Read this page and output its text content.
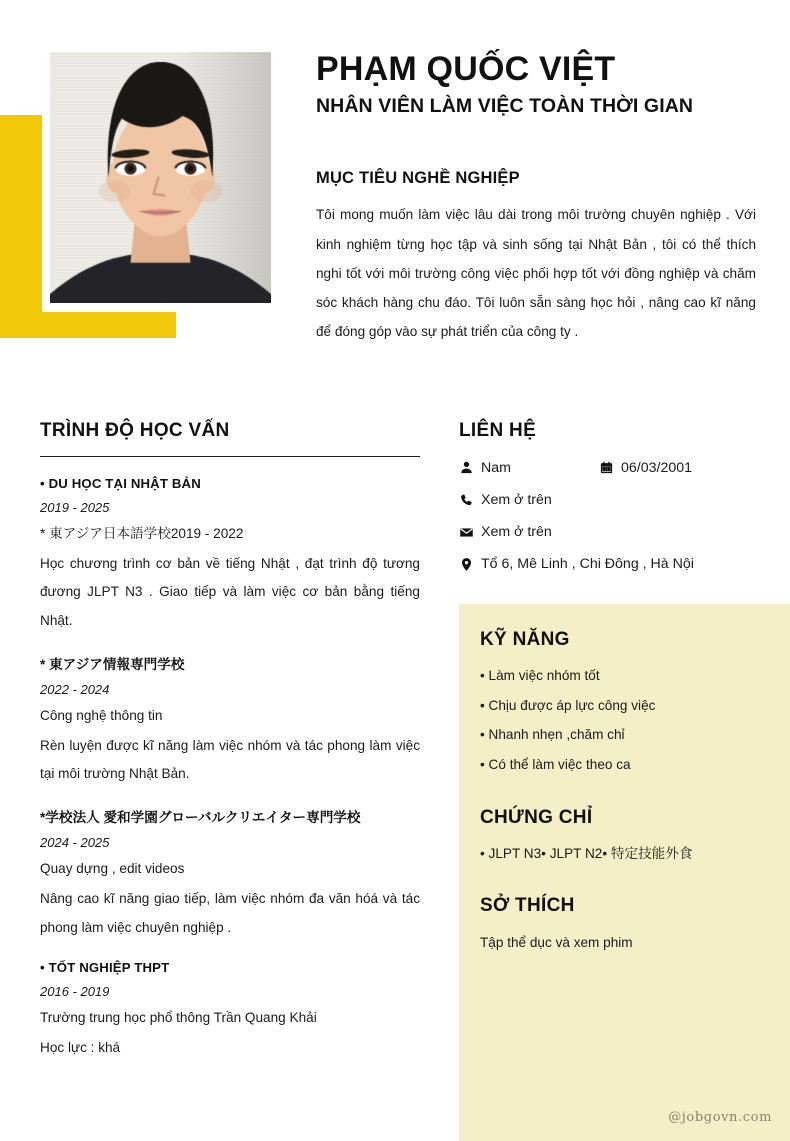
PHẠM QUỐC VIỆT
NHÂN VIÊN LÀM VIỆC TOÀN THỜI GIAN
MỤC TIÊU NGHỀ NGHIỆP

Tôi mong muốn làm việc lâu dài trong môi trường chuyên nghiệp . Với kinh nghiệm từng học tập và sinh sống tại Nhật Bản , tôi có thể thích nghi tốt với môi trường công việc phối hợp tốt với đồng nghiệp và chăm sóc khách hàng chu đáo. Tôi luôn sẵn sàng học hỏi , nâng cao kĩ năng để đóng góp vào sự phát triển của công ty .

TRÌNH ĐỘ HỌC VẤN

• DU HỌC TẠI NHẬT BẢN

2019 - 2025

* 東アジア日本語学校2019 - 2022

Học chương trình cơ bản về tiếng Nhật , đạt trình độ tương đương JLPT N3 . Giao tiếp và làm việc cơ bản bằng tiếng Nhật.

* 東アジア情報専門学校

2022 - 2024

Công nghệ thông tin

Rèn luyện được kĩ năng làm việc nhóm và tác phong làm việc tại môi trường Nhật Bản.

*学校法人 愛和学園グローバルクリエイター専門学校

2024 - 2025

Quay dựng , edit videos

Nâng cao kĩ năng giao tiếp, làm việc nhóm đa văn hóá và tác phong làm việc chuyên nghiệp .

• TỐT NGHIỆP THPT

2016 - 2019

Trường trung học phổ thông Trần Quang Khải

Học lực : khá

LIÊN HỆ
Nam	06/03/2001
Xem ở trên
Xem ở trên
Tổ 6, Mê Linh , Chi Đông , Hà Nội
KỸ NĂNG
• Làm việc nhóm tốt
• Chịu được áp lực công việc
• Nhanh nhẹn ,chăm chỉ
• Có thể làm việc theo ca
CHỨNG CHỈ
• JLPT N3• JLPT N2• 特定技能外食
SỞ THÍCH

Tập thể dục và xem phim

@jobgovn.com
